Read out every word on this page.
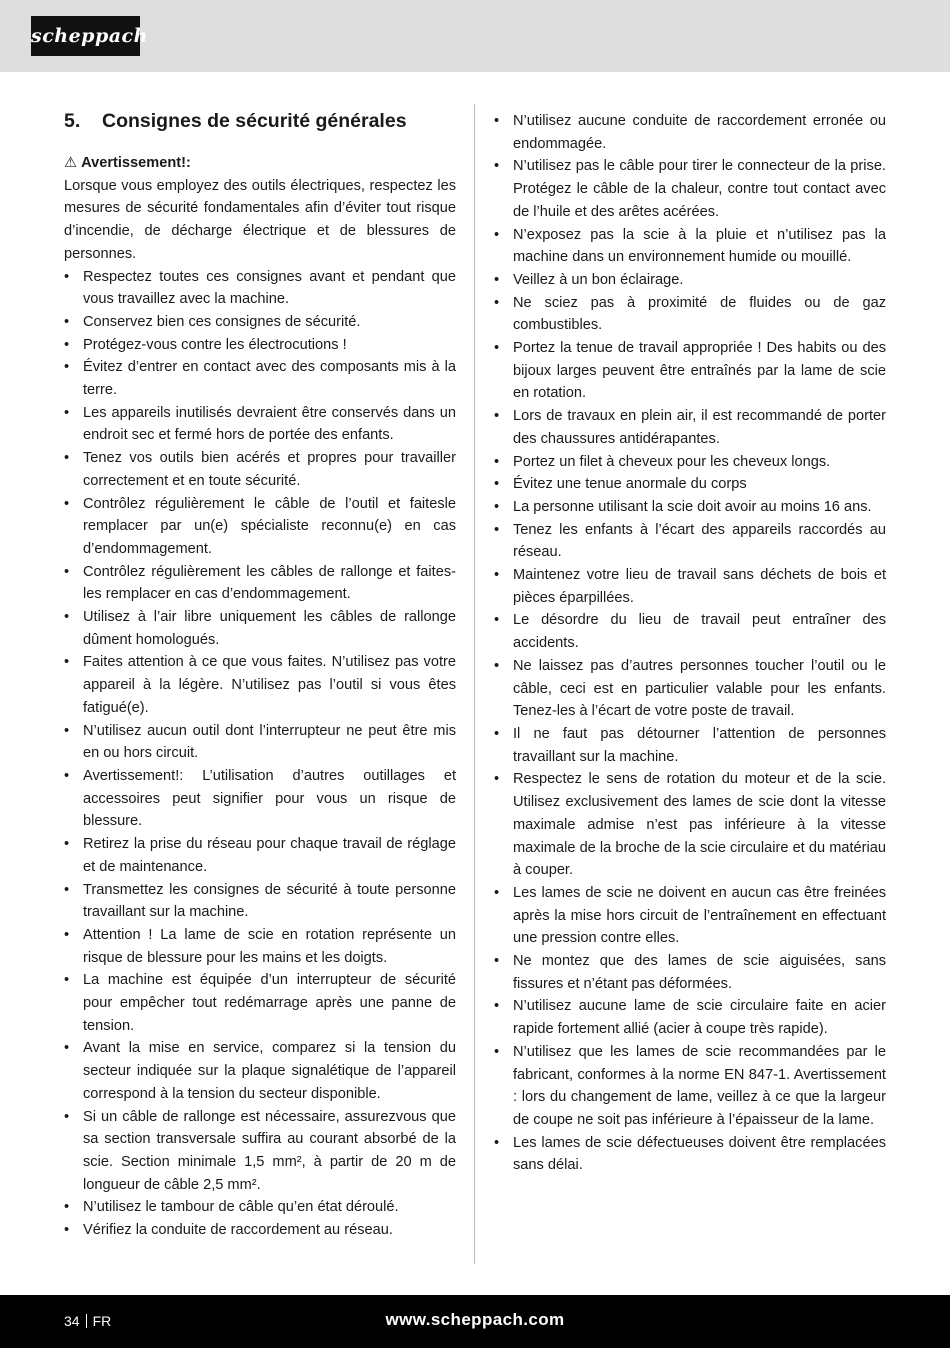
scheppach
5.	Consignes de sécurité générales
⚠ Avertissement!:

Lorsque vous employez des outils électriques, respectez les mesures de sécurité fondamentales afin d’éviter tout risque d’incendie, de décharge électrique et de blessures de personnes.

• Respectez toutes ces consignes avant et pendant que vous travaillez avec la machine.
• Conservez bien ces consignes de sécurité.
• Protégez-vous contre les électrocutions !
• Évitez d’entrer en contact avec des composants mis à la terre.
• Les appareils inutilisés devraient être conservés dans un endroit sec et fermé hors de portée des enfants.
• Tenez vos outils bien acérés et propres pour travailler correctement et en toute sécurité.
• Contrôlez régulièrement le câble de l’outil et faitesle remplacer par un(e) spécialiste reconnu(e) en cas d’endommagement.
• Contrôlez régulièrement les câbles de rallonge et faites-les remplacer en cas d’endommagement.
• Utilisez à l’air libre uniquement les câbles de rallonge dûment homologués.
• Faites attention à ce que vous faites. N’utilisez pas votre appareil à la légère. N’utilisez pas l’outil si vous êtes fatigué(e).
• N’utilisez aucun outil dont l’interrupteur ne peut être mis en ou hors circuit.
• Avertissement!: L’utilisation d’autres outillages et accessoires peut signifier pour vous un risque de blessure.
• Retirez la prise du réseau pour chaque travail de réglage et de maintenance.
• Transmettez les consignes de sécurité à toute personne travaillant sur la machine.
• Attention ! La lame de scie en rotation représente un risque de blessure pour les mains et les doigts.
• La machine est équipée d’un interrupteur de sécurité pour empêcher tout redémarrage après une panne de tension.
• Avant la mise en service, comparez si la tension du secteur indiquée sur la plaque signalétique de l’appareil correspond à la tension du secteur disponible.
• Si un câble de rallonge est nécessaire, assurezvous que sa section transversale suffira au courant absorbé de la scie. Section minimale 1,5 mm², à partir de 20 m de longueur de câble 2,5 mm².
• N’utilisez le tambour de câble qu’en état déroulé.
• Vérifiez la conduite de raccordement au réseau.
• N’utilisez aucune conduite de raccordement erronée ou endommagée.
• N’utilisez pas le câble pour tirer le connecteur de la prise. Protégez le câble de la chaleur, contre tout contact avec de l’huile et des arêtes acérées.
• N’exposez pas la scie à la pluie et n’utilisez pas la machine dans un environnement humide ou mouillé.
• Veillez à un bon éclairage.
• Ne sciez pas à proximité de fluides ou de gaz combustibles.
• Portez la tenue de travail appropriée ! Des habits ou des bijoux larges peuvent être entraînés par la lame de scie en rotation.
• Lors de travaux en plein air, il est recommandé de porter des chaussures antidérapantes.
• Portez un filet à cheveux pour les cheveux longs.
• Évitez une tenue anormale du corps
• La personne utilisant la scie doit avoir au moins 16 ans.
• Tenez les enfants à l’écart des appareils raccordés au réseau.
• Maintenez votre lieu de travail sans déchets de bois et pièces éparpillées.
• Le désordre du lieu de travail peut entraîner des accidents.
• Ne laissez pas d’autres personnes toucher l’outil ou le câble, ceci est en particulier valable pour les enfants. Tenez-les à l’écart de votre poste de travail.
• Il ne faut pas détourner l’attention de personnes travaillant sur la machine.
• Respectez le sens de rotation du moteur et de la scie. Utilisez exclusivement des lames de scie dont la vitesse maximale admise n’est pas inférieure à la vitesse maximale de la broche de la scie circulaire et du matériau à couper.
• Les lames de scie ne doivent en aucun cas être freinées après la mise hors circuit de l’entraînement en effectuant une pression contre elles.
• Ne montez que des lames de scie aiguisées, sans fissures et n’étant pas déformées.
• N’utilisez aucune lame de scie circulaire faite en acier rapide fortement allié (acier à coupe très rapide).
• N’utilisez que les lames de scie recommandées par le fabricant, conformes à la norme EN 847-1. Avertissement : lors du changement de lame, veillez à ce que la largeur de coupe ne soit pas inférieure à l’épaisseur de la lame.
• Les lames de scie défectueuses doivent être remplacées sans délai.
34 FR	www.scheppach.com
